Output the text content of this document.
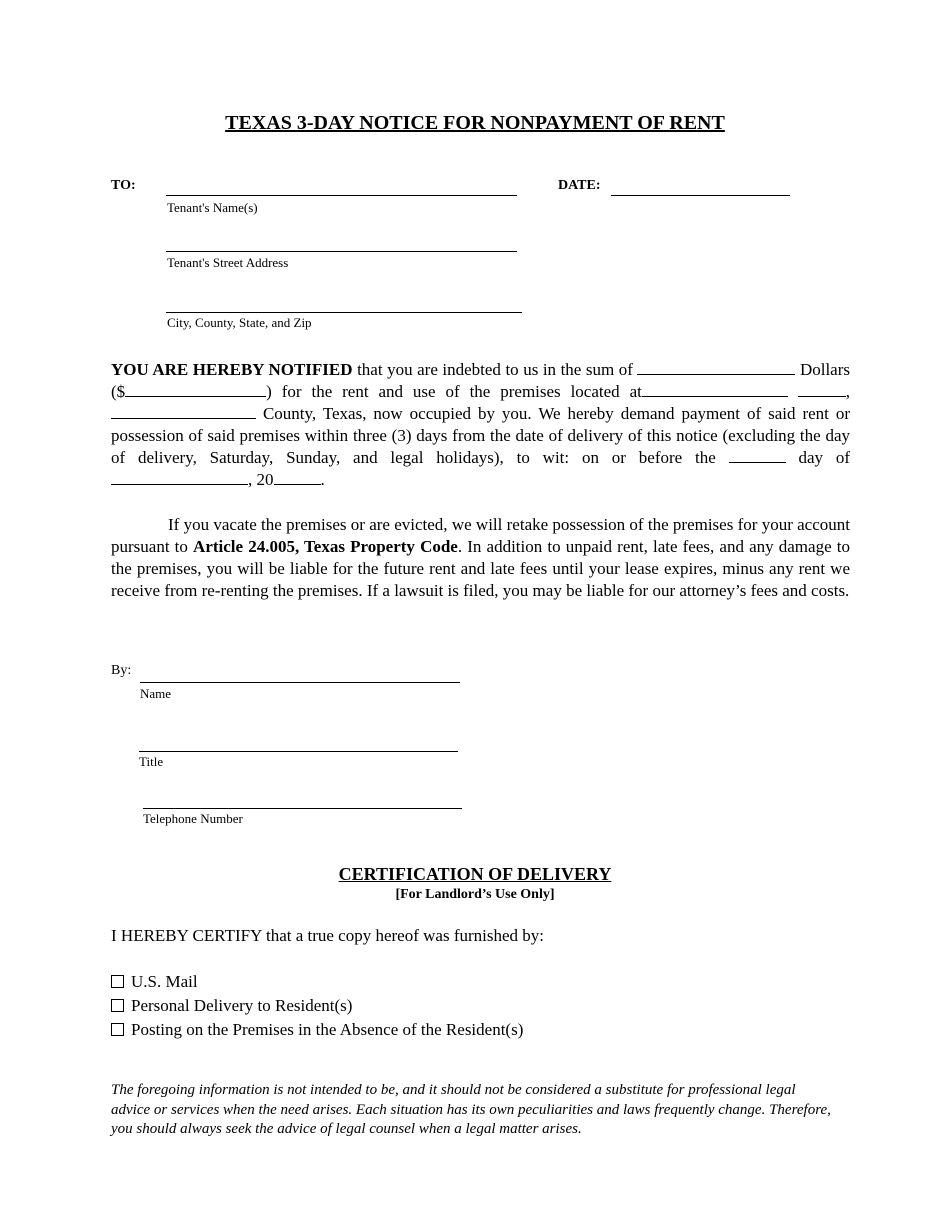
TEXAS 3-DAY NOTICE FOR NONPAYMENT OF RENT
TO:
Tenant's Name(s)
DATE:
Tenant's Street Address
City, County, State, and Zip
YOU ARE HEREBY NOTIFIED that you are indebted to us in the sum of	Dollars ($	) for the rent and use of the premises located at	,  County, Texas, now occupied by you. We hereby demand payment of said rent or possession of said premises within three (3) days from the date of delivery of this notice (excluding the day of delivery, Saturday, Sunday, and legal holidays), to wit: on or before the	day of , 20	.
If you vacate the premises or are evicted, we will retake possession of the premises for your account pursuant to Article 24.005, Texas Property Code. In addition to unpaid rent, late fees, and any damage to the premises, you will be liable for the future rent and late fees until your lease expires, minus any rent we receive from re-renting the premises. If a lawsuit is filed, you may be liable for our attorney’s fees and costs.
By:
Name
Title
Telephone Number
CERTIFICATION OF DELIVERY
[For Landlord’s Use Only]
I HEREBY CERTIFY that a true copy hereof was furnished by:
U.S. Mail
Personal Delivery to Resident(s)
Posting on the Premises in the Absence of the Resident(s)
The foregoing information is not intended to be, and it should not be considered a substitute for professional legal advice or services when the need arises. Each situation has its own peculiarities and laws frequently change. Therefore, you should always seek the advice of legal counsel when a legal matter arises.
